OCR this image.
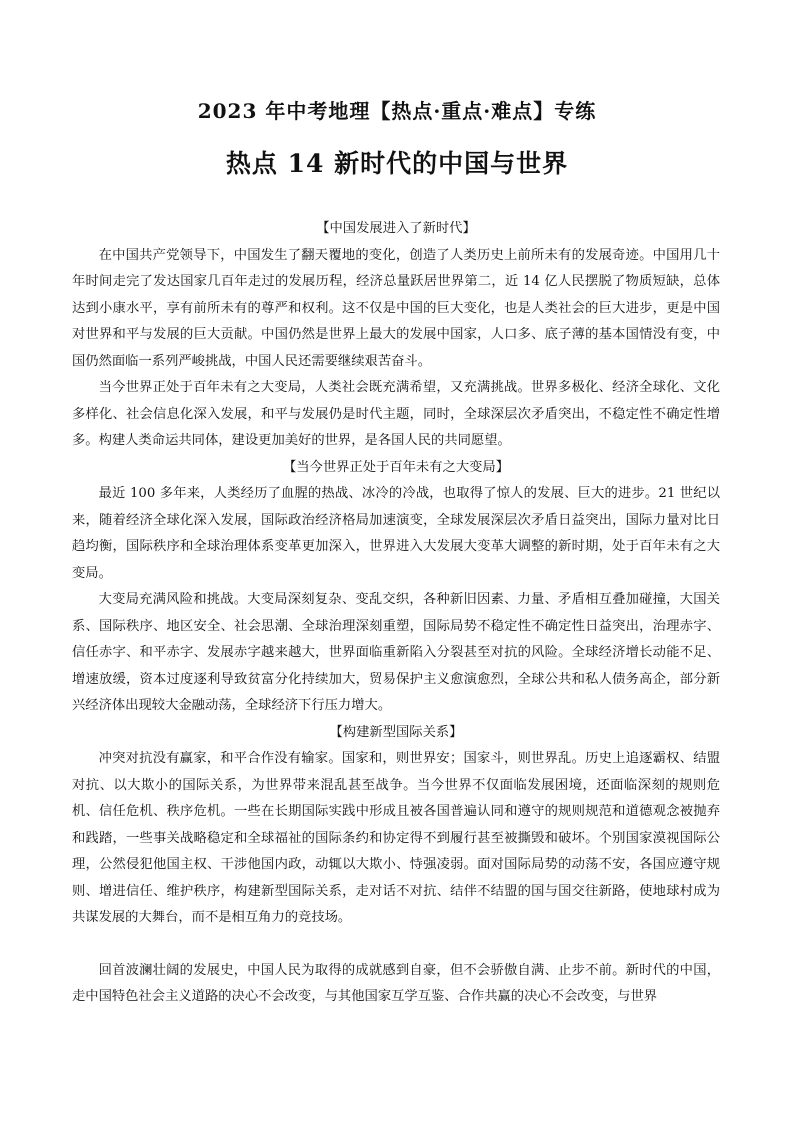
2023 年中考地理【热点·重点·难点】专练
热点 14 新时代的中国与世界
【中国发展进入了新时代】

在中国共产党领导下，中国发生了翻天覆地的变化，创造了人类历史上前所未有的发展奇迹。中国用几十年时间走完了发达国家几百年走过的发展历程，经济总量跃居世界第二，近 14 亿人民摆脱了物质短缺，总体达到小康水平，享有前所未有的尊严和权利。这不仅是中国的巨大变化，也是人类社会的巨大进步，更是中国对世界和平与发展的巨大贡献。中国仍然是世界上最大的发展中国家，人口多、底子薄的基本国情没有变，中国仍然面临一系列严峻挑战，中国人民还需要继续艰苦奋斗。

当今世界正处于百年未有之大变局，人类社会既充满希望，又充满挑战。世界多极化、经济全球化、文化多样化、社会信息化深入发展，和平与发展仍是时代主题，同时，全球深层次矛盾突出，不稳定性不确定性增多。构建人类命运共同体，建设更加美好的世界，是各国人民的共同愿望。

【当今世界正处于百年未有之大变局】

最近 100 多年来，人类经历了血腥的热战、冰冷的冷战，也取得了惊人的发展、巨大的进步。21 世纪以来，随着经济全球化深入发展，国际政治经济格局加速演变，全球发展深层次矛盾日益突出，国际力量对比日趋均衡，国际秩序和全球治理体系变革更加深入，世界进入大发展大变革大调整的新时期，处于百年未有之大变局。

大变局充满风险和挑战。大变局深刻复杂、变乱交织，各种新旧因素、力量、矛盾相互叠加碰撞，大国关系、国际秩序、地区安全、社会思潮、全球治理深刻重塑，国际局势不稳定性不确定性日益突出，治理赤字、信任赤字、和平赤字、发展赤字越来越大，世界面临重新陷入分裂甚至对抗的风险。全球经济增长动能不足、增速放缓，资本过度逐利导致贫富分化持续加大，贸易保护主义愈演愈烈，全球公共和私人债务高企，部分新兴经济体出现较大金融动荡，全球经济下行压力增大。

【构建新型国际关系】

冲突对抗没有赢家，和平合作没有输家。国家和，则世界安；国家斗，则世界乱。历史上追逐霸权、结盟对抗、以大欺小的国际关系，为世界带来混乱甚至战争。当今世界不仅面临发展困境，还面临深刻的规则危机、信任危机、秩序危机。一些在长期国际实践中形成且被各国普遍认同和遵守的规则规范和道德观念被抛弃和践踏，一些事关战略稳定和全球福祉的国际条约和协定得不到履行甚至被撕毁和破坏。个别国家漠视国际公理，公然侵犯他国主权、干涉他国内政，动辄以大欺小、恃强凌弱。面对国际局势的动荡不安，各国应遵守规则、增进信任、维护秩序，构建新型国际关系，走对话不对抗、结伴不结盟的国与国交往新路，使地球村成为共谋发展的大舞台，而不是相互角力的竞技场。

回首波澜壮阔的发展史，中国人民为取得的成就感到自豪，但不会骄傲自满、止步不前。新时代的中国，走中国特色社会主义道路的决心不会改变，与其他国家互学互鉴、合作共赢的决心不会改变，与世界
